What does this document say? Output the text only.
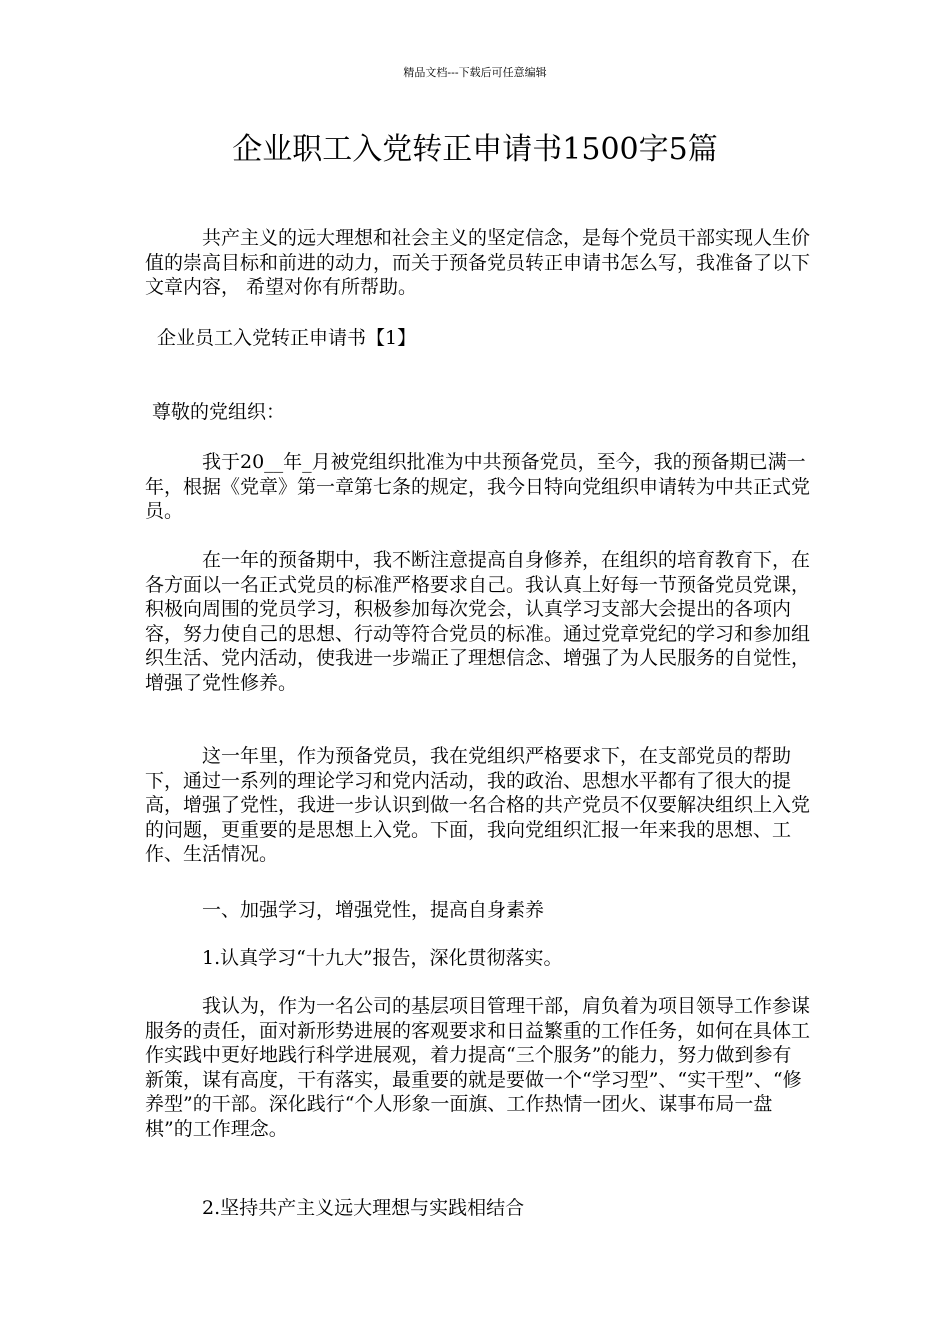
精品文档---下载后可任意编辑
企业职工入党转正申请书1500字5篇

共产主义的远大理想和社会主义的坚定信念，是每个党员干部实现人生价值的崇高目标和前进的动力，而关于预备党员转正申请书怎么写，我准备了以下文章内容， 希望对你有所帮助。

企业员工入党转正申请书【1】

尊敬的党组织：

我于20__年_月被党组织批准为中共预备党员，至今，我的预备期已满一年，根据《党章》第一章第七条的规定，我今日特向党组织申请转为中共正式党员。

在一年的预备期中，我不断注意提高自身修养，在组织的培育教育下，在各方面以一名正式党员的标准严格要求自己。我认真上好每一节预备党员党课，积极向周围的党员学习，积极参加每次党会，认真学习支部大会提出的各项内容，努力使自己的思想、行动等符合党员的标准。通过党章党纪的学习和参加组织生活、党内活动，使我进一步端正了理想信念、增强了为人民服务的自觉性，增强了党性修养。

这一年里，作为预备党员，我在党组织严格要求下，在支部党员的帮助下，通过一系列的理论学习和党内活动，我的政治、思想水平都有了很大的提高，增强了党性，我进一步认识到做一名合格的共产党员不仅要解决组织上入党的问题，更重要的是思想上入党。下面，我向党组织汇报一年来我的思想、工作、生活情况。

一、加强学习，增强党性，提高自身素养

1.认真学习“十九大”报告，深化贯彻落实。

我认为，作为一名公司的基层项目管理干部，肩负着为项目领导工作参谋服务的责任，面对新形势进展的客观要求和日益繁重的工作任务，如何在具体工作实践中更好地践行科学进展观，着力提高“三个服务”的能力，努力做到参有新策，谋有高度，干有落实，最重要的就是要做一个“学习型”、“实干型”、“修养型”的干部。深化践行“个人形象一面旗、工作热情一团火、谋事布局一盘棋”的工作理念。

2.坚持共产主义远大理想与实践相结合
